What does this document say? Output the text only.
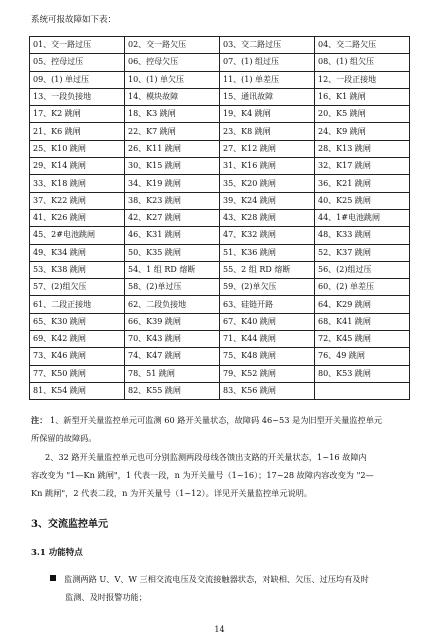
系统可报故障如下表：
01、交一路过压	02、交一路欠压	03、交二路过压	04、交二路欠压
05、控母过压	06、控母欠压	07、(1) 组过压	08、(1) 组欠压
09、(1) 单过压	10、(1) 单欠压	11、(1) 单差压	12、一段正接地
13、一段负接地	14、模块故障	15、通讯故障	16、K1 跳闸
17、K2 跳闸	18、K3 跳闸	19、K4 跳闸	20、K5 跳闸
21、K6 跳闸	22、K7 跳闸	23、K8 跳闸	24、K9 跳闸
25、K10 跳闸	26、K11 跳闸	27、K12 跳闸	28、K13 跳闸
29、K14 跳闸	30、K15 跳闸	31、K16 跳闸	32、K17 跳闸
33、K18 跳闸	34、K19 跳闸	35、K20 跳闸	36、K21 跳闸
37、K22 跳闸	38、K23 跳闸	39、K24 跳闸	40、K25 跳闸
41、K26 跳闸	42、K27 跳闸	43、K28 跳闸	44、1#电池跳闸
45、2#电池跳闸	46、K31 跳闸	47、K32 跳闸	48、K33 跳闸
49、K34 跳闸	50、K35 跳闸	51、K36 跳闸	52、K37 跳闸
53、K38 跳闸	54、1 组 RD 熔断	55、2 组 RD 熔断	56、(2)组过压
57、(2)组欠压	58、(2)单过压	59、(2)单欠压	60、(2) 单差压
61、二段正接地	62、二段负接地	63、硅链开路	64、K29 跳闸
65、K30 跳闸	66、K39 跳闸	67、K40 跳闸	68、K41 跳闸
69、K42 跳闸	70、K43 跳闸	71、K44 跳闸	72、K45 跳闸
73、K46 跳闸	74、K47 跳闸	75、K48 跳闸	76、49 跳闸
77、K50 跳闸	78、51 跳闸	79、K52 跳闸	80、K53 跳闸
81、K54 跳闸	82、K55 跳闸	83、K56 跳闸	
注： 1、新型开关量监控单元可监测 60 路开关量状态，故障码 46~53 是为旧型开关量监控单元
所保留的故障码。
2、32 路开关量监控单元也可分别监测两段母线各馈出支路的开关量状态，1~16 故障内
容改变为 "1—Kn 跳闸"，1 代表一段，n 为开关量号（1~16）；17~28 故障内容改变为 "2—
Kn 跳闸"，2 代表二段，n 为开关量号（1~12）。详见开关量监控单元说明。
3、交流监控单元
3.1 功能特点
监测两路 U、V、W 三相交流电压及交流接触器状态，对缺相、欠压、过压均有及时
监测、及时报警功能；
14
